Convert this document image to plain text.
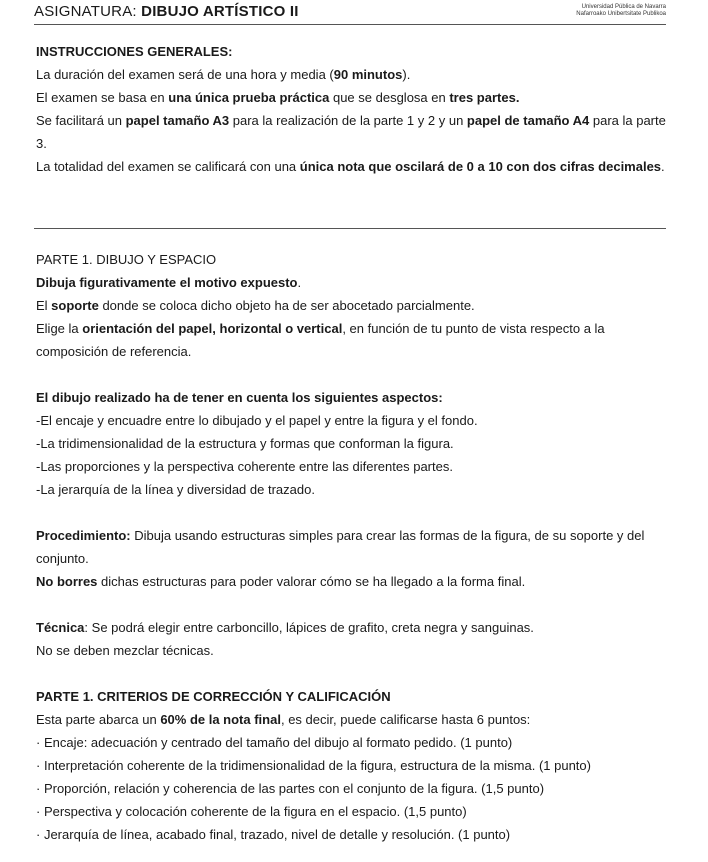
ASIGNATURA: DIBUJO ARTÍSTICO II	Universidad Pública de Navarra
Nafarroako Unibertsitate Publikoa

INSTRUCCIONES GENERALES:

La duración del examen será de una hora y media (90 minutos).

El examen se basa en una única prueba práctica que se desglosa en tres partes.

Se facilitará un papel tamaño A3 para la realización de la parte 1 y 2 y un papel de tamaño A4 para la parte 3.

La totalidad del examen se calificará con una única nota que oscilará de 0 a 10 con dos cifras decimales.

PARTE 1. DIBUJO Y ESPACIO

Dibuja figurativamente el motivo expuesto.

El soporte donde se coloca dicho objeto ha de ser abocetado parcialmente.

Elige la orientación del papel, horizontal o vertical, en función de tu punto de vista respecto a la composición de referencia.

El dibujo realizado ha de tener en cuenta los siguientes aspectos:

-El encaje y encuadre entre lo dibujado y el papel y entre la figura y el fondo.

-La tridimensionalidad de la estructura y formas que conforman la figura.

-Las proporciones y la perspectiva coherente entre las diferentes partes.

-La jerarquía de la línea y diversidad de trazado.

Procedimiento: Dibuja usando estructuras simples para crear las formas de la figura, de su soporte y del conjunto.

No borres dichas estructuras para poder valorar cómo se ha llegado a la forma final.

Técnica: Se podrá elegir entre carboncillo, lápices de grafito, creta negra y sanguinas.

No se deben mezclar técnicas.

PARTE 1. CRITERIOS DE CORRECCIÓN Y CALIFICACIÓN

Esta parte abarca un 60% de la nota final, es decir, puede calificarse hasta 6 puntos:

· Encaje: adecuación y centrado del tamaño del dibujo al formato pedido. (1 punto)

· Interpretación coherente de la tridimensionalidad de la figura, estructura de la misma. (1 punto)

· Proporción, relación y coherencia de las partes con el conjunto de la figura. (1,5 punto)

· Perspectiva y colocación coherente de la figura en el espacio. (1,5 punto)

· Jerarquía de línea, acabado final, trazado, nivel de detalle y resolución. (1 punto)
